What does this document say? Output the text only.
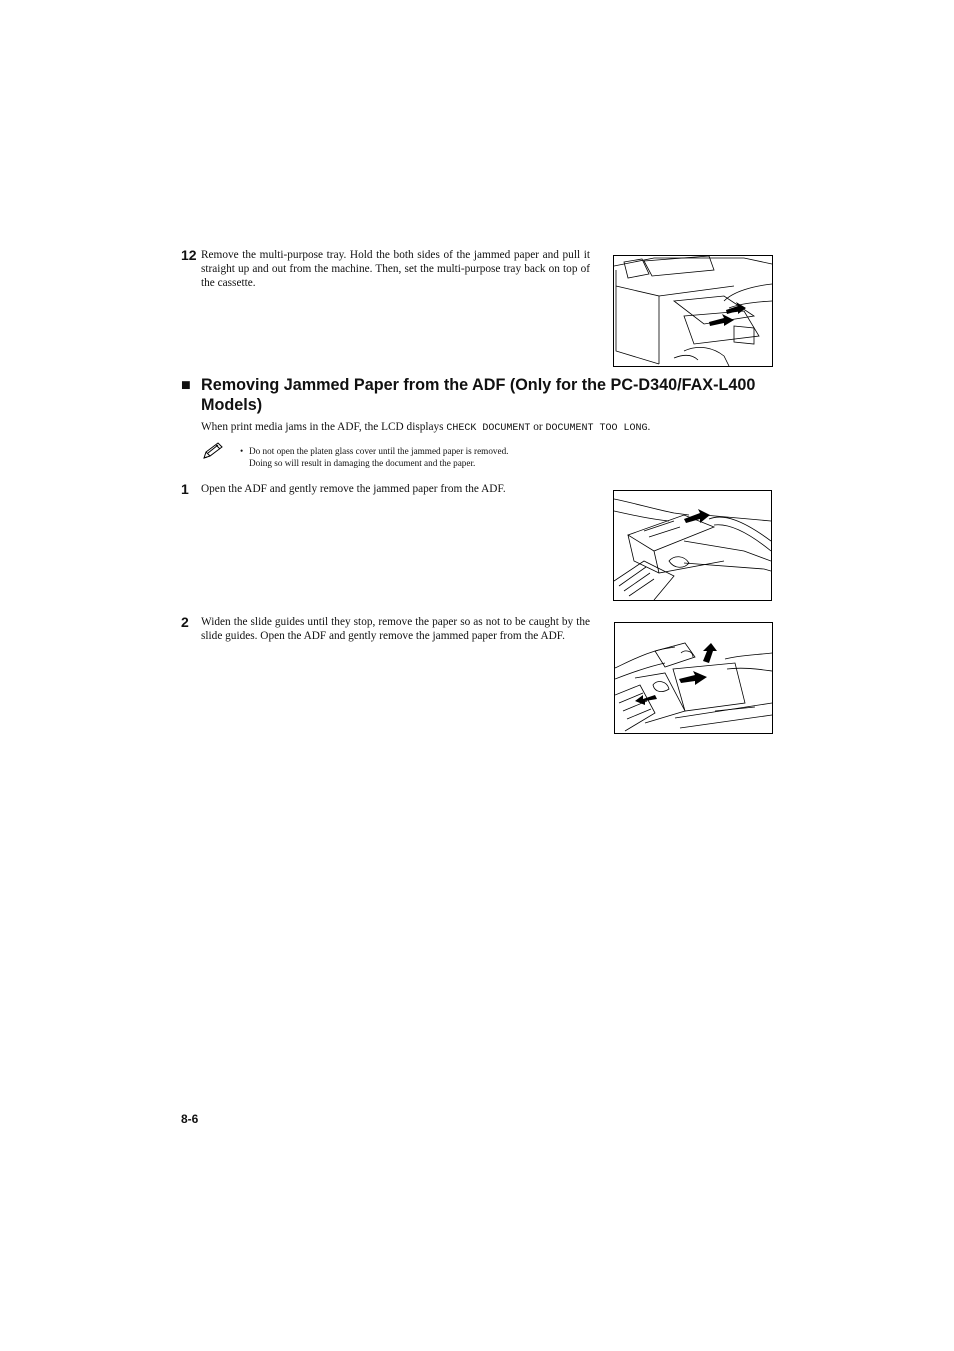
12 Remove the multi-purpose tray. Hold the both sides of the jammed paper and pull it straight up and out from the machine. Then, set the multi-purpose tray back on top of the cassette.
■ Removing Jammed Paper from the ADF (Only for the PC-D340/FAX-L400 Models)
When print media jams in the ADF, the LCD displays CHECK DOCUMENT or DOCUMENT TOO LONG.
• Do not open the platen glass cover until the jammed paper is removed.
Doing so will result in damaging the document and the paper.
1 Open the ADF and gently remove the jammed paper from the ADF.
2 Widen the slide guides until they stop, remove the paper so as not to be caught by the slide guides. Open the ADF and gently remove the jammed paper from the ADF.
8-6
